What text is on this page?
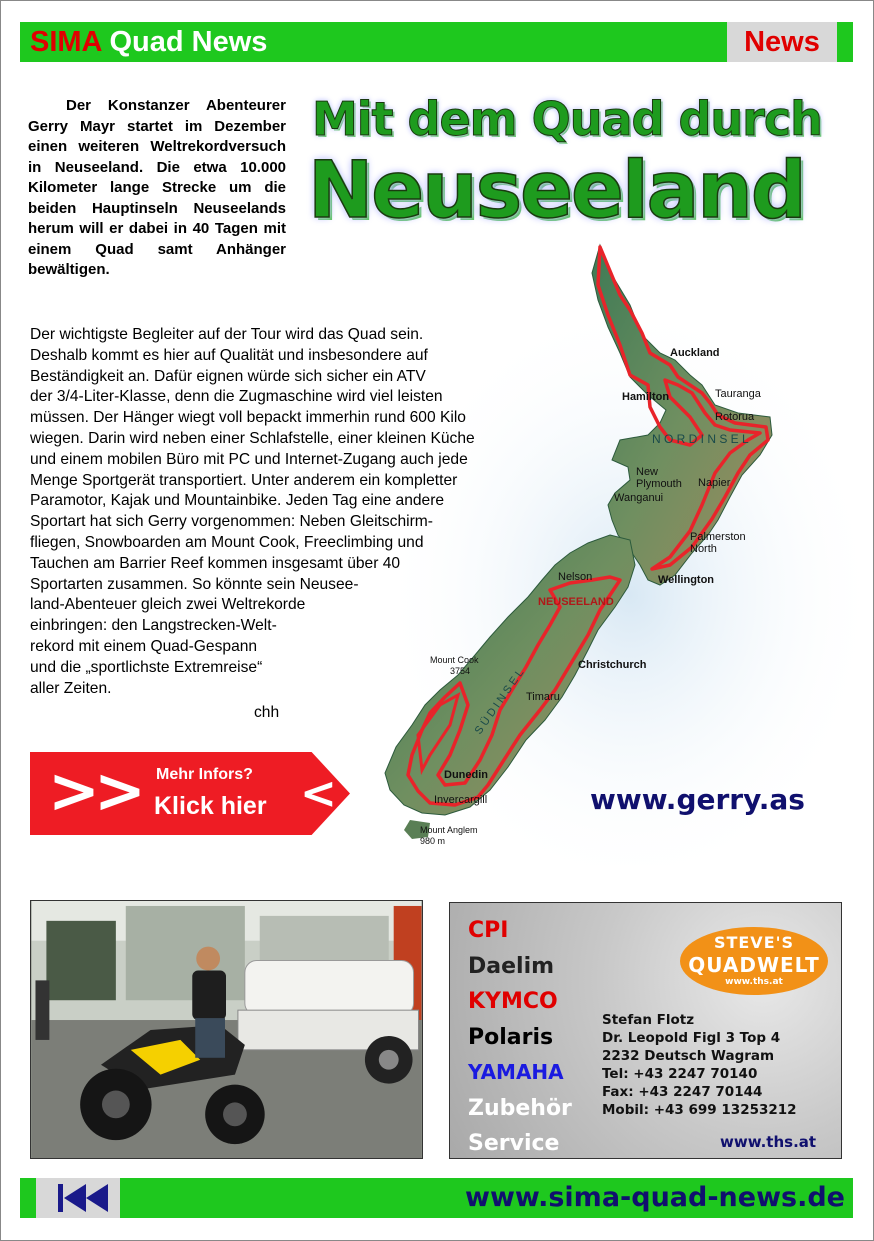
SIMA Quad News	News
Der Konstanzer Abenteurer Gerry Mayr startet im Dezember einen weiteren Weltrekordversuch in Neuseeland. Die etwa 10.000 Kilometer lange Strecke um die beiden Hauptinseln Neuseelands herum will er dabei in 40 Tagen mit einem Quad samt Anhänger bewältigen.
Mit dem Quad durch
Neuseeland
Auckland
Hamilton	Tauranga
Rotorua
N O R D I N S E L
New
Plymouth Napier
Wanganui
Palmerston
North
Wellington
Nelson
NEUSEELAND
Mount Cook
3754	Christchurch
Timaru
S Ü D I N S E L
Dunedin
Invercargill
Mount Anglem
980 m
Der wichtigste Begleiter auf der Tour wird das Quad sein.
Deshalb kommt es hier auf Qualität und insbesondere auf
Beständigkeit an. Dafür eignen würde sich sicher ein ATV
der 3/4-Liter-Klasse, denn die Zugmaschine wird viel leisten
müssen. Der Hänger wiegt voll bepackt immerhin rund 600 Kilo
wiegen. Darin wird neben einer Schlafstelle, einer kleinen Küche
und einem mobilen Büro mit PC und Internet-Zugang auch jede
Menge Sportgerät transportiert. Unter anderem ein kompletter
Paramotor, Kajak und Mountainbike. Jeden Tag eine andere
Sportart hat sich Gerry vorgenommen: Neben Gleitschirm-
fliegen, Snowboarden am Mount Cook, Freeclimbing und
Tauchen am Barrier Reef kommen insgesamt über 40
Sportarten zusammen. So könnte sein Neusee-
land-Abenteuer gleich zwei Weltrekorde
einbringen: den Langstrecken-Welt-
rekord mit einem Quad-Gespann
und die „sportlichste Extremreise“
aller Zeiten.
chh
>> Mehr Infors?
Klick hier <	www.gerry.as
CPI
Daelim
KYMCO
Polaris
YAMAHA
Zubehör
Service
STEVE'S
QUADWELT
www.ths.at
Stefan Flotz
Dr. Leopold Figl 3 Top 4
2232 Deutsch Wagram
Tel: +43 2247 70140
Fax: +43 2247 70144
Mobil: +43 699 13253212
www.ths.at
www.sima-quad-news.de
